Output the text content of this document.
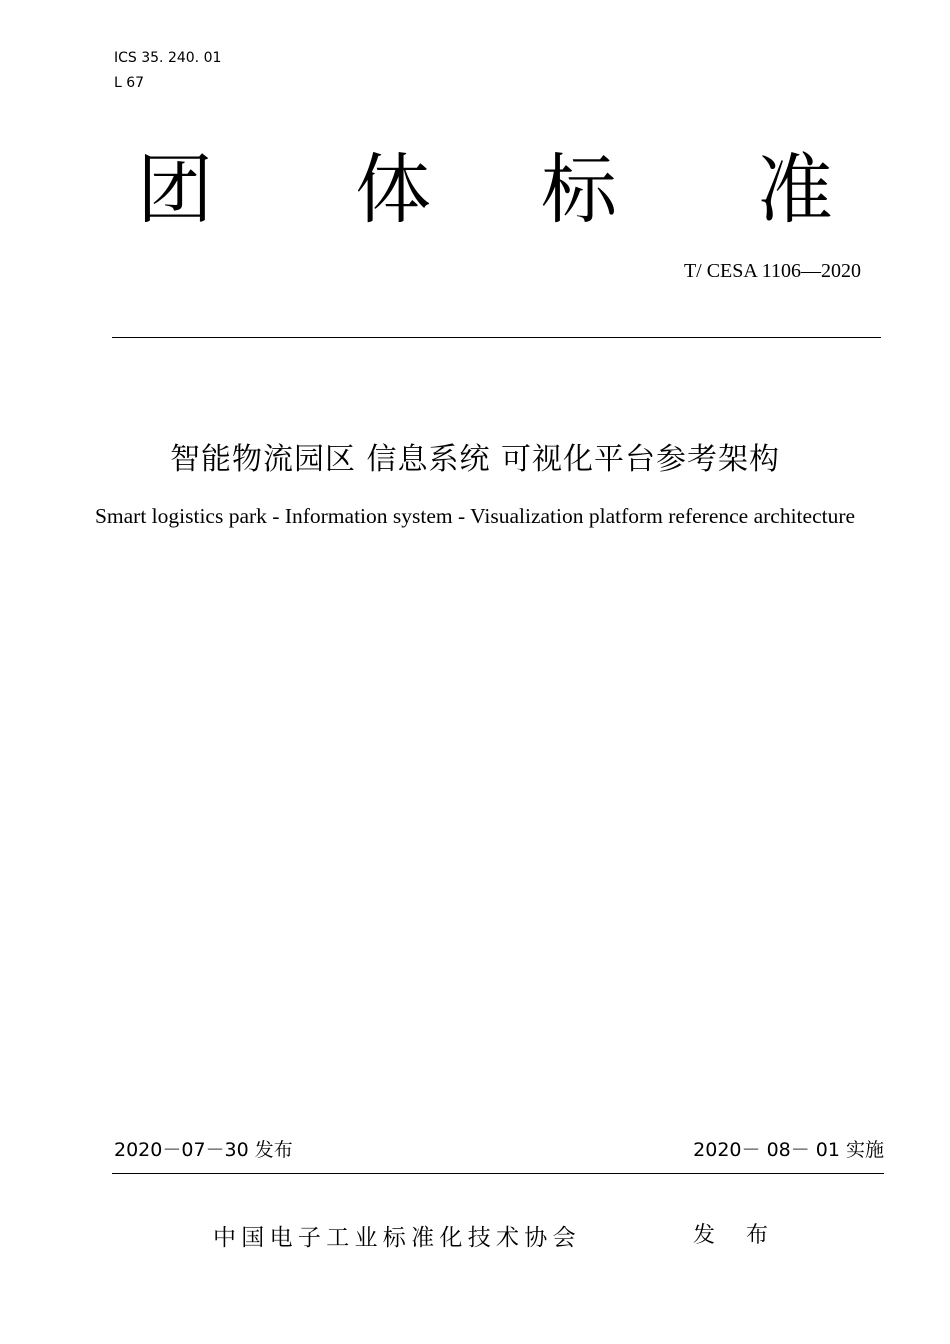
ICS 35. 240. 01
L 67
团 体 标 准
T/ CESA 1106—2020
智能物流园区 信息系统 可视化平台参考架构
Smart logistics park - Information system - Visualization platform reference architecture
2020－07－30 发布	2020－ 08－ 01 实施
中国电子工业标准化技术协会	发 布
